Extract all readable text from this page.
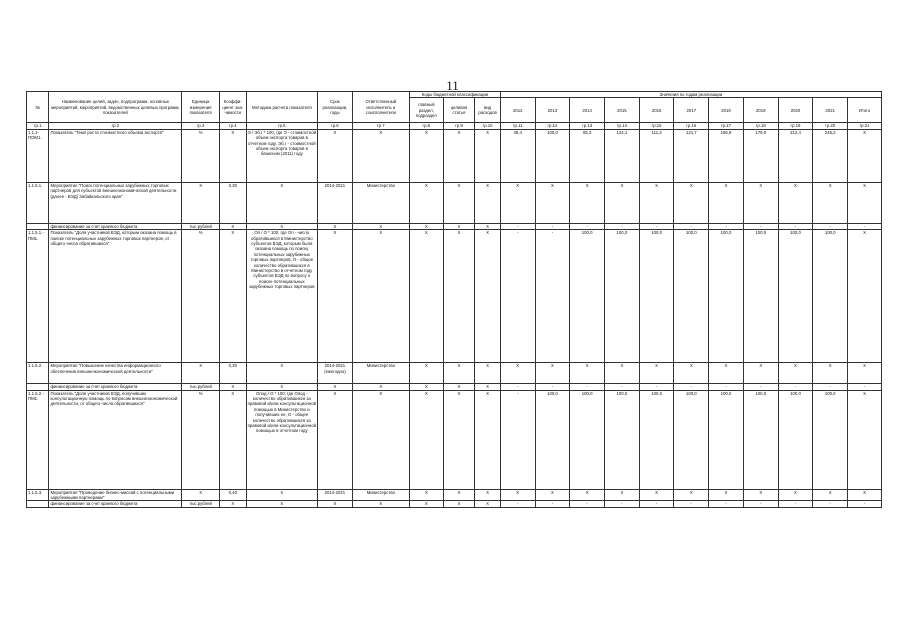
11
№	Наименование целей, задач, подпрограмм, основных мероприятий, мероприятий, ведомственных целевых программ, показателей	Единица измерения показателя	Коэффи-циент зна-чимости	Методика расчета показателя	Срок реализации, годы	Ответственный исполнитель и соисполнители	Коды бюджетной классификации			Значения по годам реализации										
							главный раздел, подраздел	целевая статья	вид расходов	2012	2013	2014	2015	2016	2017	2018	2019	2020	2021	Итого
гр.1	гр.2	гр.3	гр.4	гр.5	гр.6	гр.7	гр.8	гр.9	гр.10	гр.11	гр.12	гр.13	гр.14	гр.15	гр.16	гр.17	гр.18	гр.19	гр.20	гр.21
1.1.1-ПОМ1.	Показатель "Темп роста стоимостного объема экспорта"	%	Х	Э / Эб.г * 100, где Э - стоимостной объем экспорта товаров в отчетном году, Эб.г - стоимостной объем экспорта товаров в базисном (2011) году	Х	Х	Х	Х	Х	48,4	100,0	65,3	124,1	111,3	121,7	156,8	179,0	212,4	245,2	Х
1.1.5.1.	Мероприятие "Поиск потенциальных зарубежных торговых партнеров для субъектов внешнеэкономической деятельности (далее - ВЭД) Забайкальского края"	Х	0,30	Х	2014-2021	Министерство	Х	Х	Х	Х	Х	Х	Х	Х	Х	Х	Х	Х	Х	Х
	финансирование за счет краевого бюджета	тыс.рублей	Х	Х	Х	Х	Х	Х	Х	-	-	-	-	-	-	-	-	-	-	-
1.1.5.1.-ПМ1.	Показатель "Доля участников ВЭД, которым оказана помощь в поиске потенциальных зарубежных торговых партнеров, от общего числа обратившихся"	%	Х	Оп / О * 100, где Оп - число обратившихся в Министерство субъектов ВЭД, которым была оказана помощь по поиску потенциальных зарубежных торговых партнеров, О - общее количество обратившихся в Министерство в отчетном году субъектов ВЭД по вопросу о поиске потенциальных зарубежных торговых партнеров	Х	Х	Х	Х	Х	-	-	100,0	100,0	100,0	100,0	100,0	100,0	100,0	100,0	Х
1.1.5.2.	Мероприятие "Повышение качества информационного обеспечения внешнеэкономической деятельности"	Х	0,30	Х	2014-2021 (ежегодно)	Министерство	Х	Х	Х	Х	Х	Х	Х	Х	Х	Х	Х	Х	Х	Х
	финансирование за счет краевого бюджета	тыс.рублей	Х	Х	Х	Х	Х	Х	Х	-	-	-	-	-	-	-	-	-	-	-
1.1.5.2.-ПМ1.	Показатель "Доля участников ВЭД, получивших консультационную помощь по вопросам внешнеэкономической деятельности, от общего числа обратившихся"	%	Х	Опод / О * 100, где Опод - количество обратившихся за правовой и/или консультационной помощью в Министерство и получивших ее, О - общее количество обратившихся за правовой и/или консультационной помощью в отчетном году	Х	Х	Х	Х	Х	-	100,0	100,0	100,0	100,0	100,0	100,0	100,0	100,0	100,0	Х
1.1.5.3.	Мероприятие "Проведение бизнес-миссий с потенциальными зарубежными партнерами"	Х	0,40	Х	2014-2021	Министерство	Х	Х	Х	Х	Х	Х	Х	Х	Х	Х	Х	Х	Х	Х
	финансирование за счет краевого бюджета	тыс.рублей	Х	Х	Х	Х	Х	Х	Х	-	-	-	-	-	-	-	-	-	-	-
